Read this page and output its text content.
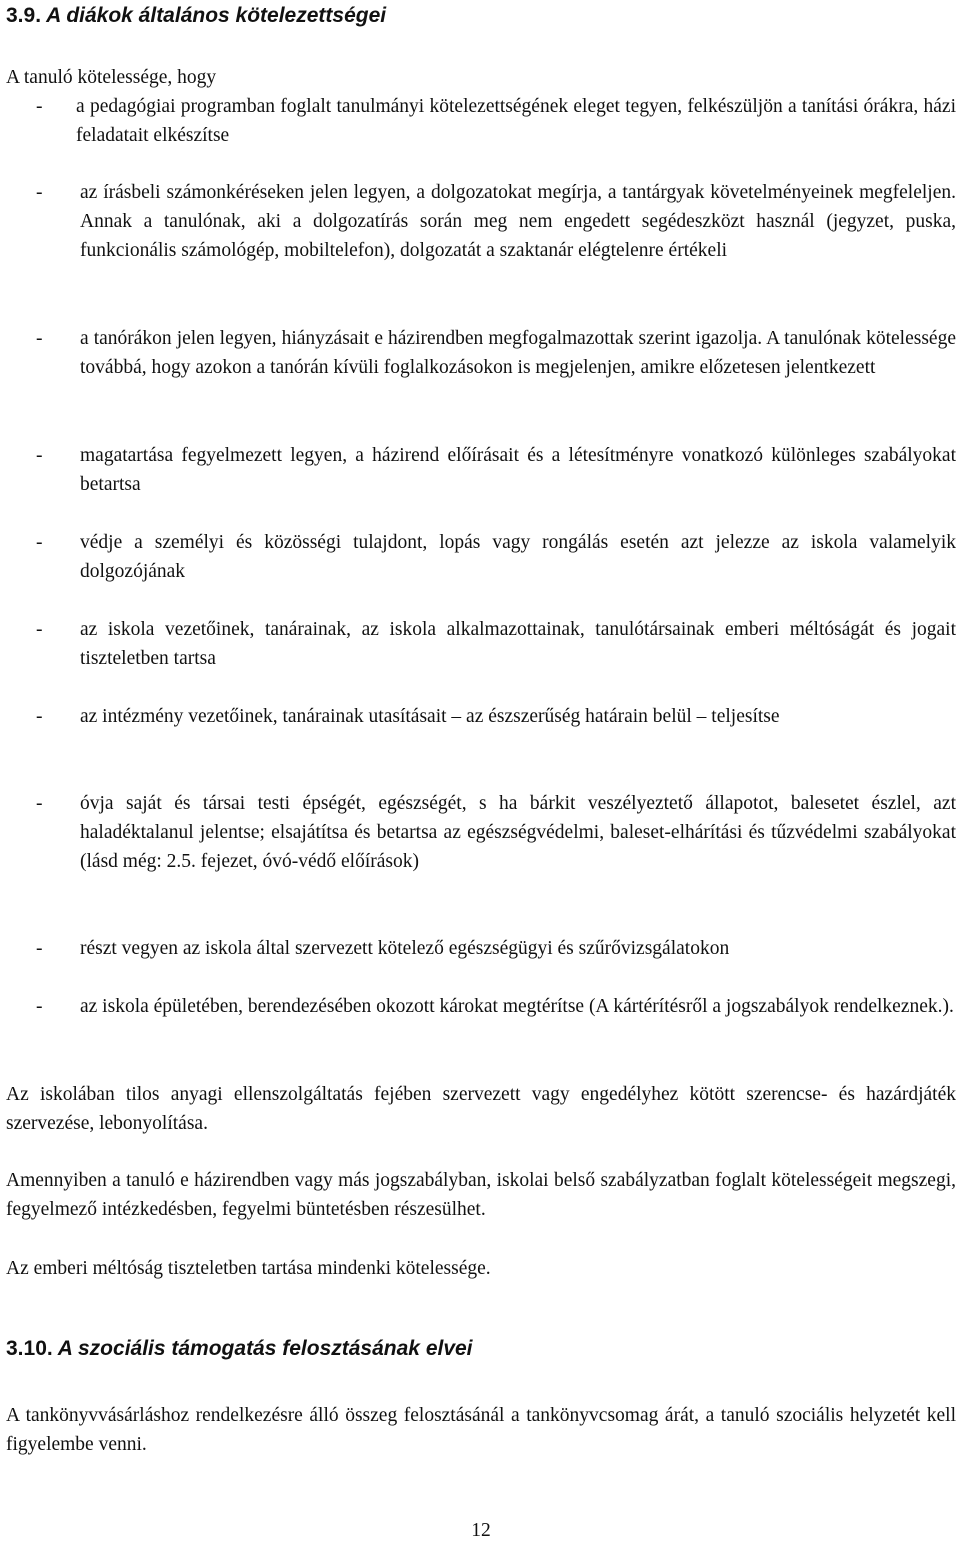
3.9. A diákok általános kötelezettségei

A tanuló kötelessége, hogy

- a pedagógiai programban foglalt tanulmányi kötelezettségének eleget tegyen, felkészüljön a tanítási órákra, házi feladatait elkészítse
- az írásbeli számonkéréseken jelen legyen, a dolgozatokat megírja, a tantárgyak követelményeinek megfeleljen. Annak a tanulónak, aki a dolgozatírás során meg nem engedett segédeszközt használ (jegyzet, puska, funkcionális számológép, mobiltelefon), dolgozatát a szaktanár elégtelenre értékeli
- a tanórákon jelen legyen, hiányzásait e házirendben megfogalmazottak szerint igazolja. A tanulónak kötelessége továbbá, hogy azokon a tanórán kívüli foglalkozásokon is megjelenjen, amikre előzetesen jelentkezett
- magatartása fegyelmezett legyen, a házirend előírásait és a létesítményre vonatkozó különleges szabályokat betartsa
- védje a személyi és közösségi tulajdont, lopás vagy rongálás esetén azt jelezze az iskola valamelyik dolgozójának
- az iskola vezetőinek, tanárainak, az iskola alkalmazottainak, tanulótársainak emberi méltóságát és jogait tiszteletben tartsa
- az intézmény vezetőinek, tanárainak utasításait – az észszerűség határain belül – teljesítse
- óvja saját és társai testi épségét, egészségét, s ha bárkit veszélyeztető állapotot, balesetet észlel, azt haladéktalanul jelentse; elsajátítsa és betartsa az egészségvédelmi, baleset-elhárítási és tűzvédelmi szabályokat (lásd még: 2.5. fejezet, óvó-védő előírások)
- részt vegyen az iskola által szervezett kötelező egészségügyi és szűrővizsgálatokon
- az iskola épületében, berendezésében okozott károkat megtérítse (A kártérítésről a jogszabályok rendelkeznek.).

Az iskolában tilos anyagi ellenszolgáltatás fejében szervezett vagy engedélyhez kötött szerencse- és hazárdjáték szervezése, lebonyolítása.

Amennyiben a tanuló e házirendben vagy más jogszabályban, iskolai belső szabályzatban foglalt kötelességeit megszegi, fegyelmező intézkedésben, fegyelmi büntetésben részesülhet.

Az emberi méltóság tiszteletben tartása mindenki kötelessége.

3.10. A szociális támogatás felosztásának elvei

A tankönyvvásárláshoz rendelkezésre álló összeg felosztásánál a tankönyvcsomag árát, a tanuló szociális helyzetét kell figyelembe venni.

12
